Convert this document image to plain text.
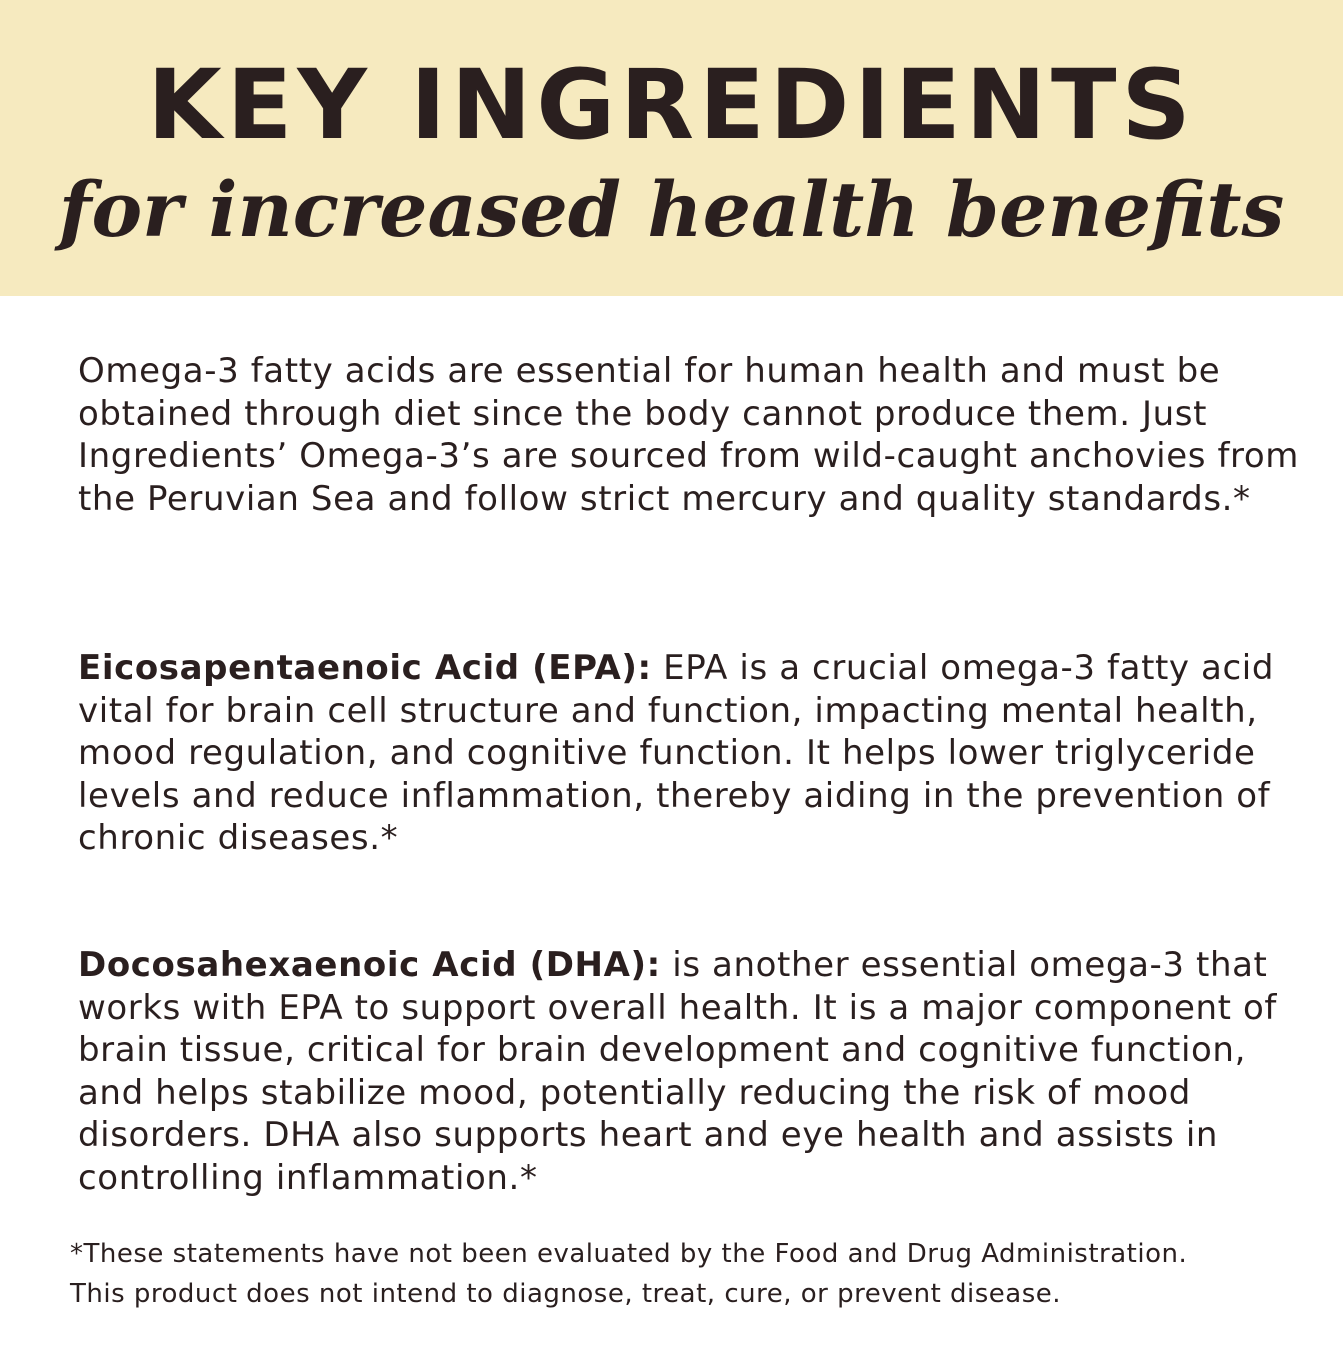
KEY INGREDIENTS
for increased health benefits

Omega-3 fatty acids are essential for human health and must be obtained through diet since the body cannot produce them. Just Ingredients’ Omega-3’s are sourced from wild-caught anchovies from the Peruvian Sea and follow strict mercury and quality standards.*

Eicosapentaenoic Acid (EPA): EPA is a crucial omega-3 fatty acid vital for brain cell structure and function, impacting mental health, mood regulation, and cognitive function. It helps lower triglyceride levels and reduce inflammation, thereby aiding in the prevention of chronic diseases.*

Docosahexaenoic Acid (DHA): is another essential omega-3 that works with EPA to support overall health. It is a major component of brain tissue, critical for brain development and cognitive function, and helps stabilize mood, potentially reducing the risk of mood disorders. DHA also supports heart and eye health and assists in controlling inflammation.*

*These statements have not been evaluated by the Food and Drug Administration.
This product does not intend to diagnose, treat, cure, or prevent disease.
